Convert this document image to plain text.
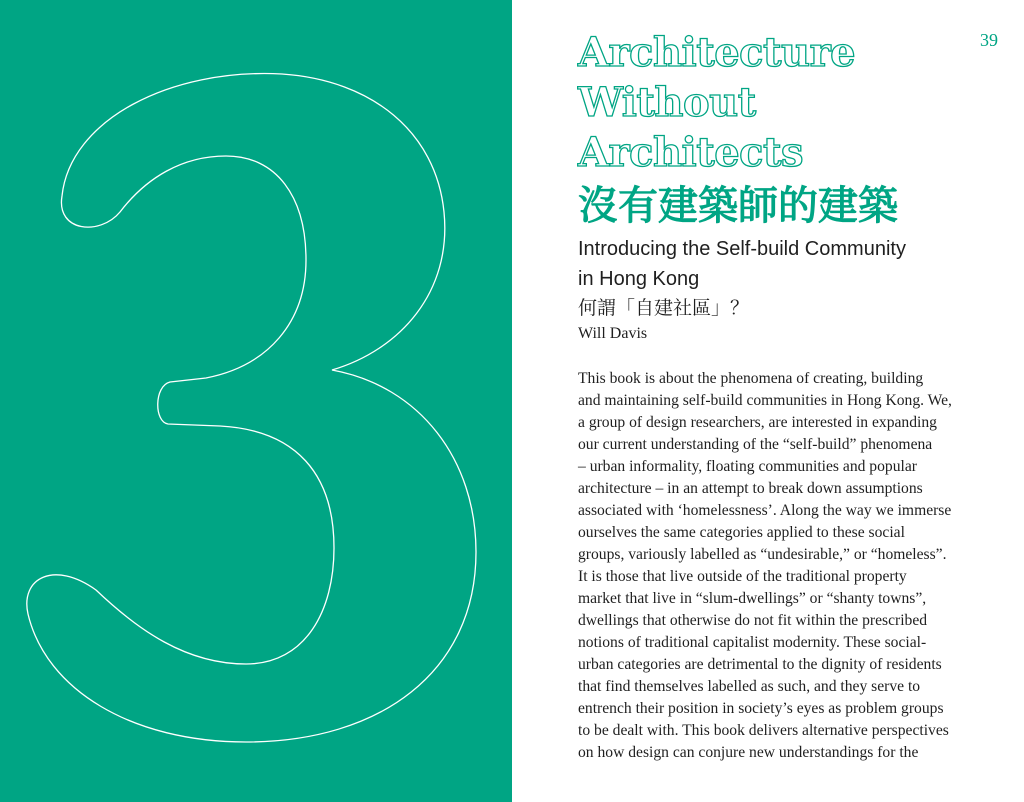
39
Architecture
Without
Architects
沒有建築師的建築
Introducing the Self-build Community
in Hong Kong
何謂「自建社區」？
Will Davis
This book is about the phenomena of creating, building
and maintaining self-build communities in Hong Kong. We,
a group of design researchers, are interested in expanding
our current understanding of the “self-build” phenomena
– urban informality, floating communities and popular
architecture – in an attempt to break down assumptions
associated with ‘homelessness’. Along the way we immerse
ourselves the same categories applied to these social
groups, variously labelled as “undesirable,” or “homeless”.
It is those that live outside of the traditional property
market that live in “slum-dwellings” or “shanty towns”,
dwellings that otherwise do not fit within the prescribed
notions of traditional capitalist modernity. These social-
urban categories are detrimental to the dignity of residents
that find themselves labelled as such, and they serve to
entrench their position in society’s eyes as problem groups
to be dealt with. This book delivers alternative perspectives
on how design can conjure new understandings for the
